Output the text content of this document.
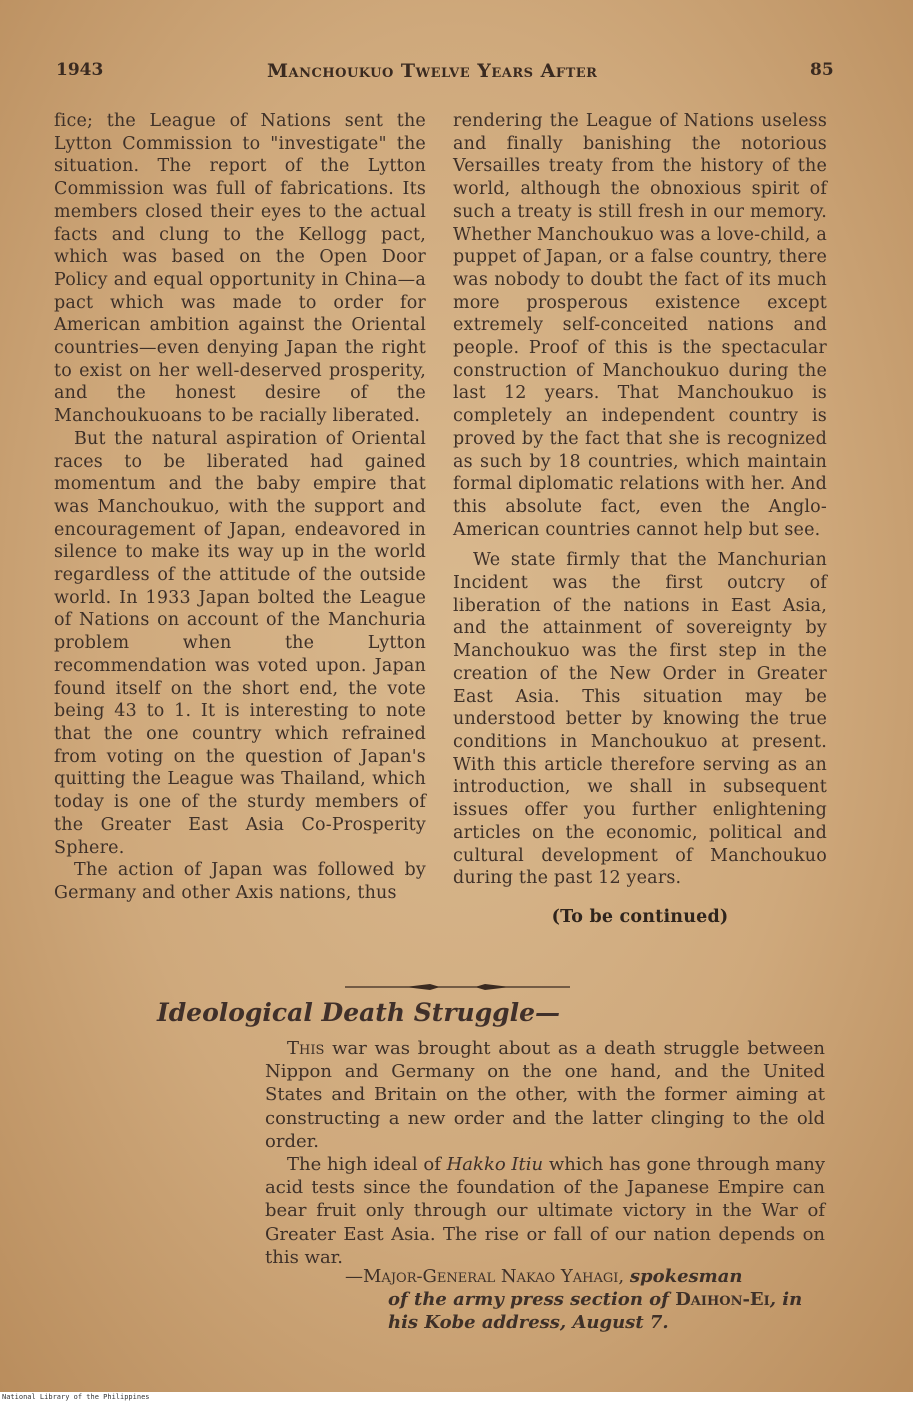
1943	Manchoukuo Twelve Years After	85

fice; the League of Nations sent the Lytton Commission to "investigate" the situation. The report of the Lytton Commission was full of fabrications. Its members closed their eyes to the actual facts and clung to the Kellogg pact, which was based on the Open Door Policy and equal opportunity in China—a pact which was made to order for American ambition against the Oriental countries—even denying Japan the right to exist on her well-deserved prosperity, and the honest desire of the Manchoukuoans to be racially liberated.

But the natural aspiration of Oriental races to be liberated had gained momentum and the baby empire that was Manchoukuo, with the support and encouragement of Japan, endeavored in silence to make its way up in the world regardless of the attitude of the outside world. In 1933 Japan bolted the League of Nations on account of the Manchuria problem when the Lytton recommendation was voted upon. Japan found itself on the short end, the vote being 43 to 1. It is interesting to note that the one country which refrained from voting on the question of Japan's quitting the League was Thailand, which today is one of the sturdy members of the Greater East Asia Co-Prosperity Sphere.

The action of Japan was followed by Germany and other Axis nations, thus

rendering the League of Nations useless and finally banishing the notorious Versailles treaty from the history of the world, although the obnoxious spirit of such a treaty is still fresh in our memory. Whether Manchoukuo was a love-child, a puppet of Japan, or a false country, there was nobody to doubt the fact of its much more prosperous existence except extremely self-conceited nations and people. Proof of this is the spectacular construction of Manchoukuo during the last 12 years. That Manchoukuo is completely an independent country is proved by the fact that she is recognized as such by 18 countries, which maintain formal diplomatic relations with her. And this absolute fact, even the Anglo-American countries cannot help but see.

We state firmly that the Manchurian Incident was the first outcry of liberation of the nations in East Asia, and the attainment of sovereignty by Manchoukuo was the first step in the creation of the New Order in Greater East Asia. This situation may be understood better by knowing the true conditions in Manchoukuo at present. With this article therefore serving as an introduction, we shall in subsequent issues offer you further enlightening articles on the economic, political and cultural development of Manchoukuo during the past 12 years.

(To be continued)

Ideological Death Struggle—

This war was brought about as a death struggle between Nippon and Germany on the one hand, and the United States and Britain on the other, with the former aiming at constructing a new order and the latter clinging to the old order.

The high ideal of Hakko Itiu which has gone through many acid tests since the foundation of the Japanese Empire can bear fruit only through our ultimate victory in the War of Greater East Asia. The rise or fall of our nation depends on this war.

—Major-General Nakao Yahagi, spokesman
of the army press section of Daihon-Ei, in
his Kobe address, August 7.
National Library of the Philippines
